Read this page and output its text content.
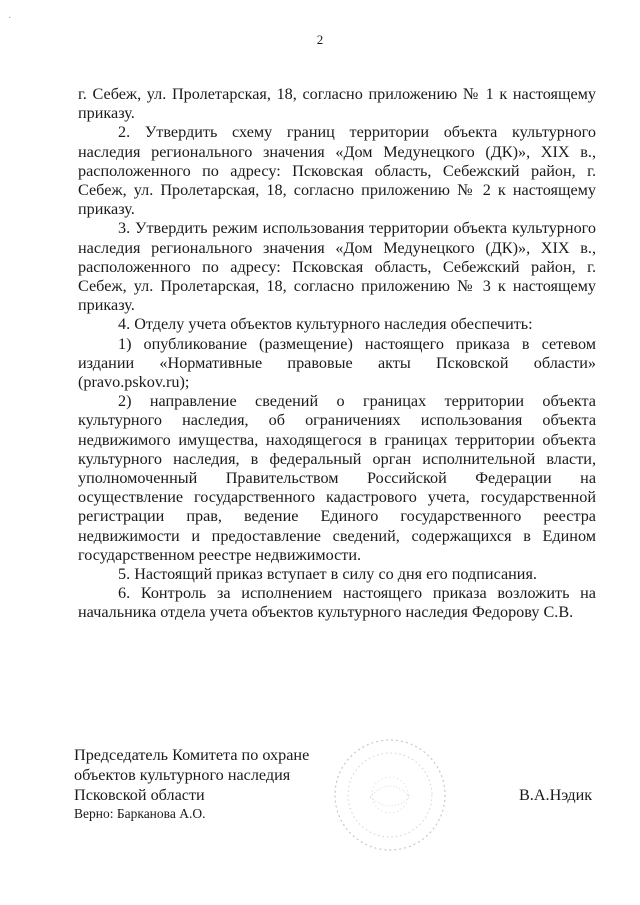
·
2

г. Себеж, ул. Пролетарская, 18, согласно приложению № 1 к настоящему приказу.

2. Утвердить схему границ территории объекта культурного наследия регионального значения «Дом Медунецкого (ДК)», XIX в., расположенного по адресу: Псковская область, Себежский район, г. Себеж, ул. Пролетарская, 18, согласно приложению № 2 к настоящему приказу.

3. Утвердить режим использования территории объекта культурного наследия регионального значения «Дом Медунецкого (ДК)», XIX в., расположенного по адресу: Псковская область, Себежский район, г. Себеж, ул. Пролетарская, 18, согласно приложению № 3 к настоящему приказу.

4. Отделу учета объектов культурного наследия обеспечить:

1) опубликование (размещение) настоящего приказа в сетевом издании «Нормативные правовые акты Псковской области» (pravo.pskov.ru);

2) направление сведений о границах территории объекта культурного наследия, об ограничениях использования объекта недвижимого имущества, находящегося в границах территории объекта культурного наследия, в федеральный орган исполнительной власти, уполномоченный Правительством Российской Федерации на осуществление государственного кадастрового учета, государственной регистрации прав, ведение Единого государственного реестра недвижимости и предоставление сведений, содержащихся в Едином государственном реестре недвижимости.

5. Настоящий приказ вступает в силу со дня его подписания.

6. Контроль за исполнением настоящего приказа возложить на начальника отдела учета объектов культурного наследия Федорову С.В.

Председатель Комитета по охране
объектов культурного наследия
Псковской области
Верно: Барканова А.О.
В.А.Нэдик
